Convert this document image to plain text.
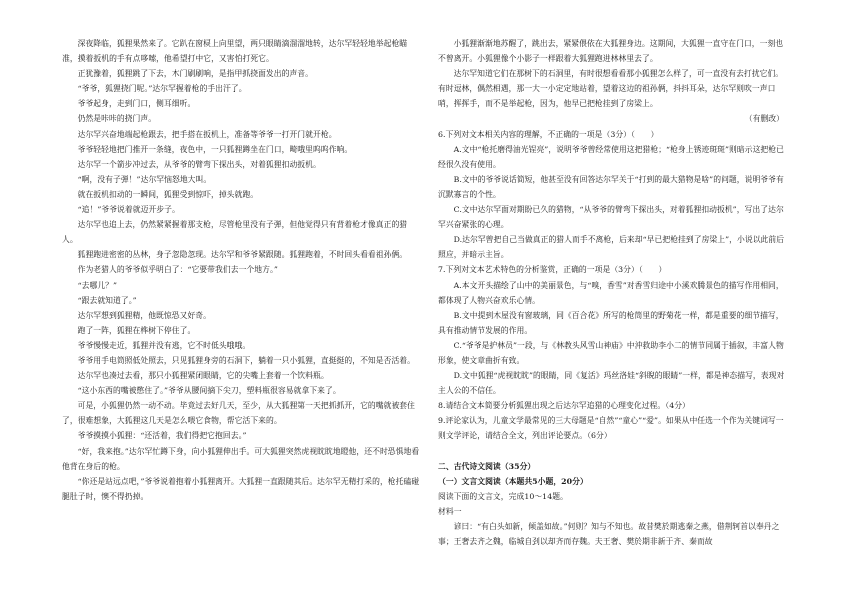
深夜降临，狐狸果然来了。它趴在窗棂上向里望，两只眼睛滴溜溜地转，达尔罕轻轻地举起枪瞄准，摸着扳机的手有点哆嗦，他希望打中它，又害怕打死它。
正犹豫着，狐狸跳了下去，木门刷刷响，是指甲抓挠面发出的声音。
“爷爷，狐狸挠门呢。”达尔罕握着枪的手出汗了。
爷爷起身，走到门口，侧耳细听。
仍然是咔咔的挠门声。
达尔罕兴奋地端起枪跟去，把手搭在扳机上，准备等爷爷一打开门就开枪。
爷爷轻轻地把门推开一条缝，夜色中，一只狐狸蹲坐在门口，畸哦里呜呜作响。
达尔罕一个箭步冲过去，从爷爷的臂弯下探出头，对着狐狸扣动扳机。
“啊，没有子弹！”达尔罕恼怒地大叫。
就在扳机扣动的一瞬间，狐狸受到惊吓，掉头就跑。
“追！”爷爷说着就迈开步子。
达尔罕也追上去，仍然紧紧握着那支枪，尽管枪里没有子弹，但他觉得只有背着枪才像真正的猎人。
狐狸跑进密密的丛林，身子忽隐忽现。达尔罕和爷爷紧跟随。狐狸跑着，不时回头看看祖孙俩。
作为老猎人的爷爷似乎明白了：“它要带我们去一个地方。”
“去哪儿？”
“跟去就知道了。”
达尔罕想到狐狸精，他既惊恐又好奇。
跑了一阵，狐狸在桦树下停住了。
爷爷慢慢走近，狐狸并没有逃，它不时低头哦哦。
爷爷用手电筒照低处照去，只见狐狸身旁的石洞下，躺着一只小狐狸，直挺挺的，不知是否活着。
达尔罕也凑过去看，那只小狐狸紧闭眼睛，它的尖嘴上套着一个饮料瓶。
“这小东西的嘴被憋住了。”爷爷从腰间摘下尖刀，塑料瓶很容易就拿下来了。
可是，小狐狸仍然一动不动。毕竟过去好几天，至少，从大狐狸第一天把抓抓开，它的嘴就被套住了，很难想象，大狐狸这几天是怎么喂它食物，帮它活下来的。
爷爷摸摸小狐狸：“还活着，我们得把它抱回去。”
“好，我来抱。”达尔罕忙蹲下身，向小狐狸伸出手。可大狐狸突然虎视眈眈地瞪他，还不时恐惧地看他背在身后的枪。
“你还是站远点吧，”爷爷说着抱着小狐狸离开。大狐狸一直跟随其后。达尔罕无精打采的，枪托磕碰腿肚子时，懊不得扔掉。
小狐狸渐渐地苏醒了，跳出去，紧紧偎依在大狐狸身边。这期间，大狐狸一直守在门口，一刻也不曾离开。小狐狸像个小影子一样跟着大狐狸跑进林林里去了。
达尔罕知道它们在那树下的石洞里，有时很想看看那小狐狸怎么样了，可一直没有去打扰它们。有时逗林，偶然相遇，那一大一小定定地站着，望着这边的祖孙俩，抖抖耳朵，达尔罕则吹一声口哨，挥挥手，而不是举起枪，因为，他早已把枪挂到了房梁上。
（有删改）
6.下列对文本相关内容的理解，不正确的一项是（3分）（　　）
A.文中“枪托磨得油光锃亮”，说明爷爷曾经常使用这把猎枪；“枪身上锈迹斑斑”则暗示这把枪已经很久没有使用。
B.文中的爷爷说话简短，他甚至没有回答达尔罕关于“打到的最大猎物是啥”的问题，说明爷爷有沉默寡言的个性。
C.文中达尔罕面对期盼已久的猎物，“从爷爷的臂弯下探出头，对着狐狸扣动扳机”，写出了达尔罕兴奋紧张的心理。
D.达尔罕曾把自己当做真正的猎人而手不离枪，后来却“早已把枪挂到了房梁上”，小说以此前后照应，并暗示主旨。
7.下列对文本艺术特色的分析鉴赏，正确的一项是（3分）（　　）
A.本文开头描绘了山中的美丽景色，与“嗅，香雪”对香雪归途中小溪欢腾景色的描写作用相同，都体现了人物兴奋欢乐心情。
B.文中提到木屋没有窗玻璃，同《百合花》所写的枪筒里的野菊花一样，都是重要的细节描写，具有推动情节发展的作用。
C.“爷爷是护林员”一段，与《林教头风雪山神庙》中沖救助李小二的情节同属于插叙，丰富人物形象，使文章曲折有致。
D.文中狐狸“虎视眈眈”的眼睛，同《复活》玛丝洛娃“斜睨的眼睛”一样，都是神态描写，表现对主人公的不信任。
8.请结合文本简要分析狐狸出现之后达尔罕追猎的心理变化过程。（4分）
9.评论家认为，儿童文学最常见的三大母题是“自然”“童心”“爱”。如果从中任选一个作为关键词写一则文学评论，请结合全文，列出评论要点。（6分）
二、古代诗文阅读（35分）
（一）文言文阅读（本题共5小题，20分）
阅读下面的文言文，完成10～14题。
材料一
谚曰：“有白头如新，倾盖如故。”何则？知与不知也。故昔樊於期逃秦之燕，借荆轲首以奉丹之事；王奢去齐之魏，临城自刭以却齐而存魏。夫王奢、樊於期非新于齐、秦而故
